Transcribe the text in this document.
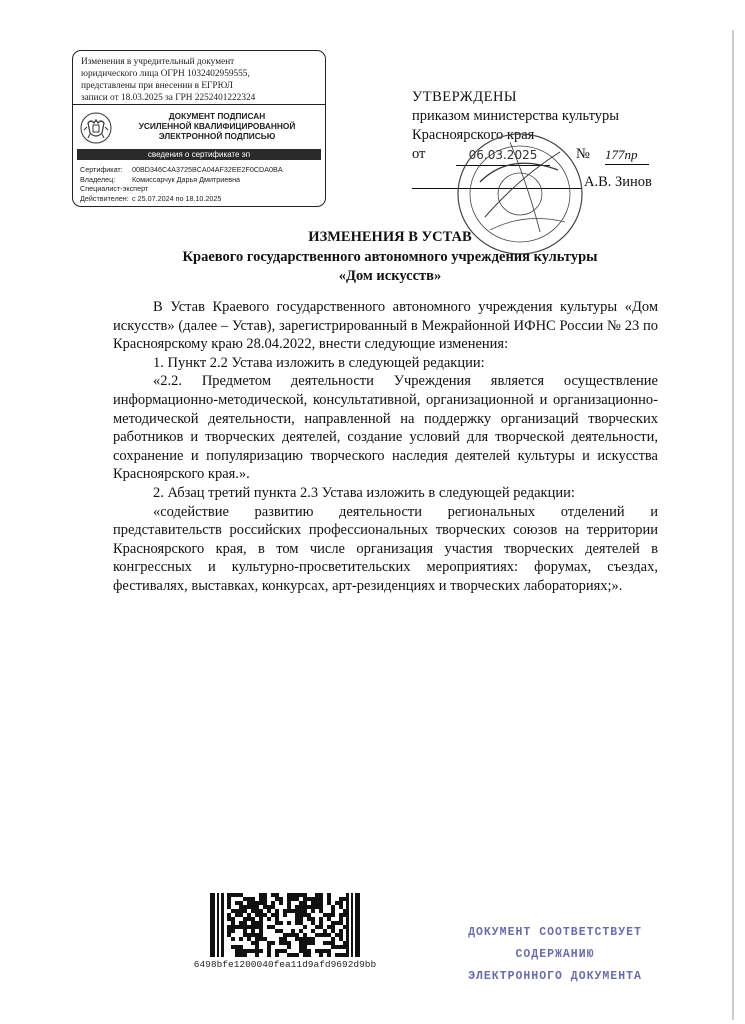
Изменения в учредительный документ
юридического лица ОГРН 1032402959555,
представлены при внесении в ЕГРЮЛ
записи от 18.03.2025 за ГРН 2252401222324
ДОКУМЕНТ ПОДПИСАН
УСИЛЕННОЙ КВАЛИФИЦИРОВАННОЙ
ЭЛЕКТРОННОЙ ПОДПИСЬЮ
сведения о сертификате эп
Сертификат: 00BD346C4A3725BCA04AF32EE2F0CDA0BA
Владелец: Комиссарчук Дарья Дмитриевна
Специалист-эксперт
Действителен: с 25.07.2024 по 18.10.2025
УТВЕРЖДЕНЫ
приказом министерства культуры
Красноярского края
от	06.03.2025	№ 177пр
А.В. Зинов
ИЗМЕНЕНИЯ В УСТАВ
Краевого государственного автономного учреждения культуры
«Дом искусств»

В Устав Краевого государственного автономного учреждения культуры «Дом искусств» (далее – Устав), зарегистрированный в Межрайонной ИФНС России № 23 по Красноярскому краю 28.04.2022, внести следующие изменения:

1. Пункт 2.2 Устава изложить в следующей редакции:

«2.2. Предметом деятельности Учреждения является осуществление информационно-методической, консультативной, организационной и организационно-методической деятельности, направленной на поддержку организаций творческих работников и творческих деятелей, создание условий для творческой деятельности, сохранение и популяризацию творческого наследия деятелей культуры и искусства Красноярского края.».

2. Абзац третий пункта 2.3 Устава изложить в следующей редакции:

«содействие развитию деятельности региональных отделений и представительств российских профессиональных творческих союзов на территории Красноярского края, в том числе организация участия творческих деятелей в конгрессных и культурно-просветительских мероприятиях: форумах, съездах, фестивалях, выставках, конкурсах, арт-резиденциях и творческих лабораториях;».

6498bfe1200040fea11d9afd9692d9bb
ДОКУМЕНТ СООТВЕТСТВУЕТ
СОДЕРЖАНИЮ
ЭЛЕКТРОННОГО ДОКУМЕНТА
